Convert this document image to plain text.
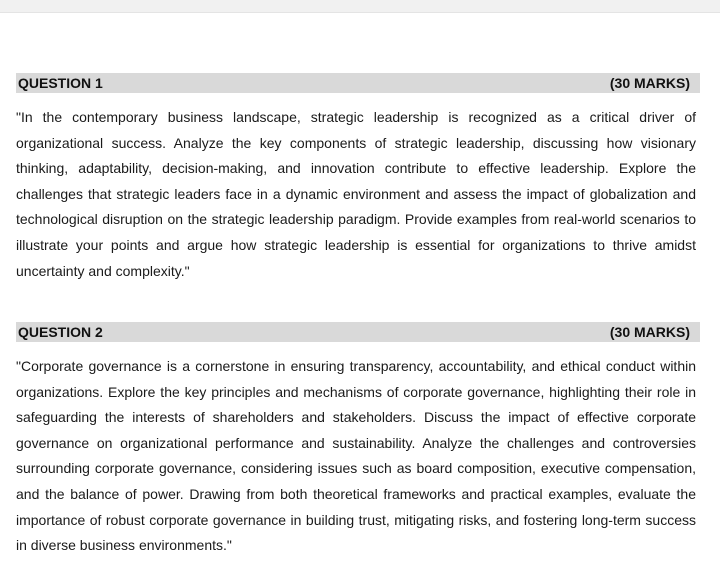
QUESTION 1	(30 MARKS)

"In the contemporary business landscape, strategic leadership is recognized as a critical driver of organizational success. Analyze the key components of strategic leadership, discussing how visionary thinking, adaptability, decision-making, and innovation contribute to effective leadership. Explore the challenges that strategic leaders face in a dynamic environment and assess the impact of globalization and technological disruption on the strategic leadership paradigm. Provide examples from real-world scenarios to illustrate your points and argue how strategic leadership is essential for organizations to thrive amidst uncertainty and complexity."

QUESTION 2	(30 MARKS)

"Corporate governance is a cornerstone in ensuring transparency, accountability, and ethical conduct within organizations. Explore the key principles and mechanisms of corporate governance, highlighting their role in safeguarding the interests of shareholders and stakeholders. Discuss the impact of effective corporate governance on organizational performance and sustainability. Analyze the challenges and controversies surrounding corporate governance, considering issues such as board composition, executive compensation, and the balance of power. Drawing from both theoretical frameworks and practical examples, evaluate the importance of robust corporate governance in building trust, mitigating risks, and fostering long-term success in diverse business environments."
